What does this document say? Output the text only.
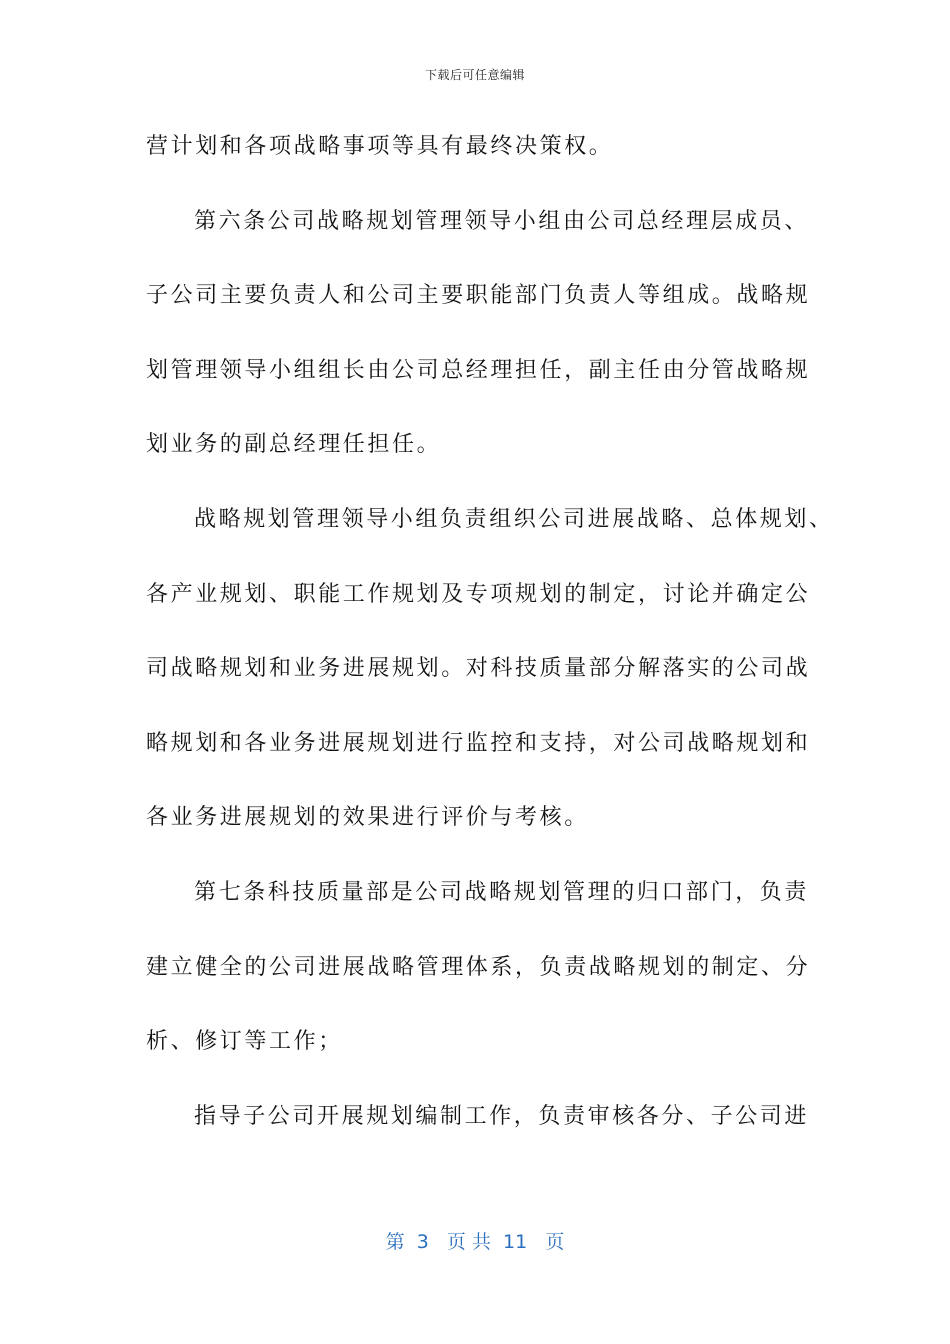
下载后可任意编辑
营计划和各项战略事项等具有最终决策权。
第六条公司战略规划管理领导小组由公司总经理层成员、
子公司主要负责人和公司主要职能部门负责人等组成。战略规
划管理领导小组组长由公司总经理担任，副主任由分管战略规
划业务的副总经理任担任。
战略规划管理领导小组负责组织公司进展战略、总体规划、
各产业规划、职能工作规划及专项规划的制定，讨论并确定公
司战略规划和业务进展规划。对科技质量部分解落实的公司战
略规划和各业务进展规划进行监控和支持，对公司战略规划和
各业务进展规划的效果进行评价与考核。
第七条科技质量部是公司战略规划管理的归口部门，负责
建立健全的公司进展战略管理体系，负责战略规划的制定、分
析、修订等工作；
指导子公司开展规划编制工作，负责审核各分、子公司进
第  3   页 共  11   页
